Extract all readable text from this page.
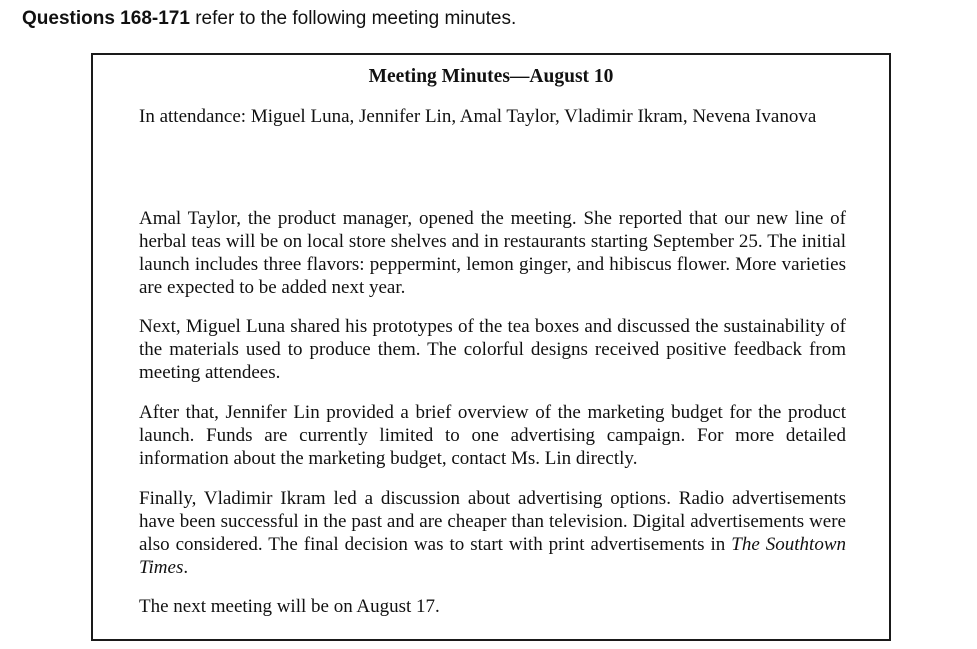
Questions 168-171 refer to the following meeting minutes.
Meeting Minutes—August 10

In attendance: Miguel Luna, Jennifer Lin, Amal Taylor, Vladimir Ikram, Nevena Ivanova

Amal Taylor, the product manager, opened the meeting. She reported that our new line of herbal teas will be on local store shelves and in restaurants starting September 25. The initial launch includes three flavors: peppermint, lemon ginger, and hibiscus flower. More varieties are expected to be added next year.

Next, Miguel Luna shared his prototypes of the tea boxes and discussed the sustainability of the materials used to produce them. The colorful designs received positive feedback from meeting attendees.

After that, Jennifer Lin provided a brief overview of the marketing budget for the product launch. Funds are currently limited to one advertising campaign. For more detailed information about the marketing budget, contact Ms. Lin directly.

Finally, Vladimir Ikram led a discussion about advertising options. Radio advertisements have been successful in the past and are cheaper than television. Digital advertisements were also considered. The final decision was to start with print advertisements in The Southtown Times.

The next meeting will be on August 17.
